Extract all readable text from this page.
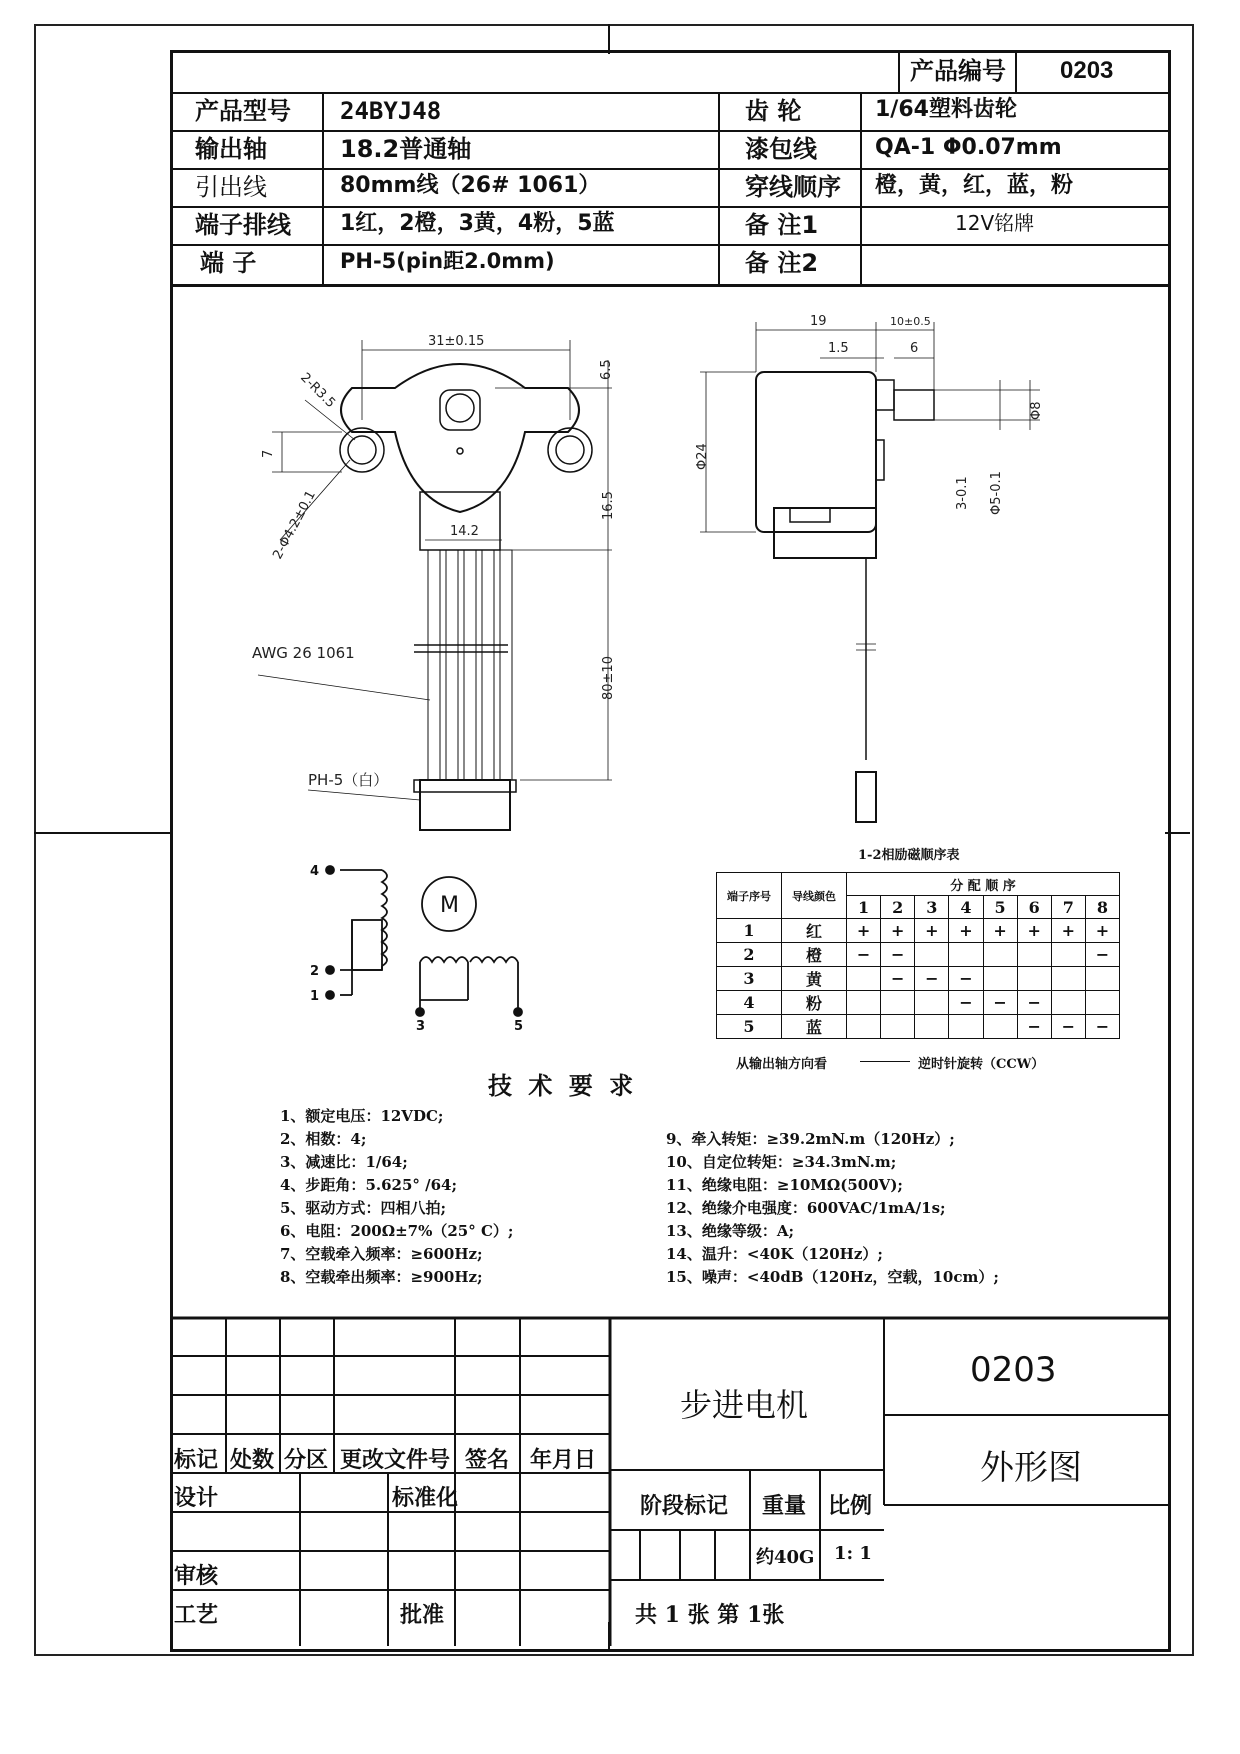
产品编号 0203
产品型号 24BYJ48	齿 轮	1/64塑料齿轮
输出轴	18.2普通轴	漆包线	QA-1 Φ0.07mm
引出线	80mm线（26# 1061）	穿线顺序 橙，黄，红，蓝，粉
端子排线 1红，2橙，3黄，4粉，5蓝	备 注1	12V铭牌
端 子	PH-5(pin距2.0mm)	备 注2
31±0.15
6.5
7
2-R3.5
2-Φ4.2±0.1	16.5
14.2
80±10
AWG 26 1061
PH-5（白）
19	10±0.5
1.5	6
Φ24
Φ8
3-0.1 Φ5-0.1
4
2
1
3	5
M
1-2相励磁顺序表
端子序号	导线颜色	分 配 顺 序							
		1	2	3	4	5	6	7	8
1	红	+	+	+	+	+	+	+	+
2	橙	−	−						−
3	黄		−	−	−				
4	粉				−	−	−		
5	蓝						−	−	−
从输出轴方向看	逆时针旋转（CCW）
技 术 要 求
1、额定电压：12VDC;
2、相数：4;
3、减速比：1/64;
4、步距角：5.625° /64;
5、驱动方式：四相八拍;
6、电阻：200Ω±7%（25° C）;
7、空载牵入频率：≥600Hz;
8、空载牵出频率：≥900Hz;
9、牵入转矩：≥39.2mN.m（120Hz）;
10、自定位转矩：≥34.3mN.m;
11、绝缘电阻：≥10MΩ(500V);
12、绝缘介电强度：600VAC/1mA/1s;
13、绝缘等级：A;
14、温升：<40K（120Hz）;
15、噪声：<40dB（120Hz，空载，10cm）;
标记 处数 分区 更改文件号 签名 年月日
设计	标准化
审核
工艺	批准
步进电机
阶段标记 重量 比例
约40G 1: 1
共 1 张 第 1张
0203
外形图
